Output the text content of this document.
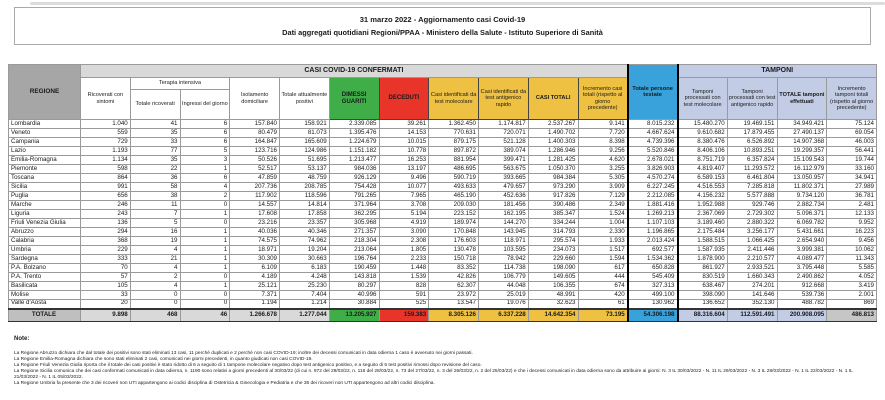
31 marzo 2022 - Aggiornamento casi Covid-19
Dati aggregati quotidiani Regioni/PPAA - Ministero della Salute - Istituto Superiore di Sanità
REGIONE	CASI COVID-19 CONFERMATI											Totale persone testate	TAMPONI			
	Ricoverati con sintomi	Terapia intensiva		Isolamento domiciliare	Totale attualmente positivi	DIMESSI GUARITI	DECEDUTI	Casi identificati da test molecolare	Casi identificati da test antigenico rapido	CASI TOTALI	Incremento casi totali (rispetto al giorno precedente)		Tamponi processati con test molecolare	Tamponi processati con test antigenico rapido	TOTALE tamponi effettuati	Incremento tamponi totali (rispetto al giorno precedente)
		Totale ricoverati	Ingressi del giorno													
Lombardia	1.040	41	6	157.840	158.921	2.339.085	39.261	1.362.450	1.174.817	2.537.267	9.141	8.015.232	15.480.270	19.469.151	34.949.421	75.124
Veneto	559	35	6	80.479	81.073	1.395.476	14.153	770.631	720.071	1.490.702	7.720	4.667.624	9.610.682	17.879.455	27.490.137	69.054
Campania	729	33	6	164.847	165.609	1.224.679	10.015	879.175	521.128	1.400.303	8.398	4.739.396	8.380.476	6.526.892	14.907.368	46.003
Lazio	1.193	77	5	123.716	124.986	1.151.182	10.778	897.872	389.074	1.286.946	9.256	5.520.846	8.406.106	10.893.251	19.299.357	56.441
Emilia-Romagna	1.134	35	3	50.526	51.695	1.213.477	16.253	881.954	399.471	1.281.425	4.620	2.678.021	8.751.719	6.357.824	15.109.543	19.744
Piemonte	598	22	1	52.517	53.137	984.036	13.197	486.695	563.675	1.050.370	3.255	3.826.903	4.819.407	11.293.572	16.112.979	33.160
Toscana	864	36	6	47.859	48.759	926.129	9.496	590.719	393.665	984.384	5.305	4.570.274	6.589.153	6.461.804	13.050.957	34.941
Sicilia	991	58	4	207.736	208.785	754.428	10.077	493.633	479.657	973.290	3.909	6.227.245	4.516.553	7.285.818	11.802.371	27.989
Puglia	656	38	2	117.902	118.596	791.265	7.965	465.190	452.636	917.826	7.129	2.212.085	4.156.232	5.577.888	9.734.120	36.781
Marche	246	11	0	14.557	14.814	371.964	3.708	209.030	181.456	390.486	2.349	1.881.416	1.952.988	929.746	2.882.734	2.481
Liguria	243	7	1	17.608	17.858	362.295	5.194	223.152	162.195	385.347	1.524	1.269.213	2.367.069	2.729.302	5.096.371	12.133
Friuli Venezia Giulia	136	5	0	23.216	23.357	305.968	4.919	189.974	144.270	334.244	1.004	1.107.103	3.189.460	2.880.322	6.069.782	9.952
Abruzzo	294	16	1	40.036	40.346	271.357	3.090	170.848	143.945	314.793	2.330	1.196.865	2.175.484	3.256.177	5.431.661	16.223
Calabria	368	19	1	74.575	74.962	218.304	2.308	176.603	118.971	295.574	1.933	2.013.424	1.588.515	1.066.425	2.654.940	9.456
Umbria	229	4	1	18.971	19.204	213.064	1.805	130.478	103.595	234.073	1.517	692.577	1.587.935	2.411.446	3.999.381	10.062
Sardegna	333	21	1	30.309	30.663	196.764	2.233	150.718	78.942	229.660	1.594	1.534.362	1.878.900	2.210.577	4.089.477	11.343
P.A. Bolzano	70	4	1	6.109	6.183	190.459	1.448	83.352	114.738	198.090	617	650.828	861.927	2.933.521	3.795.448	5.585
P.A. Trento	57	2	0	4.189	4.248	143.818	1.539	42.826	106.779	149.605	444	545.409	830.519	1.660.343	2.490.862	4.052
Basilicata	105	4	1	25.121	25.230	80.297	828	62.307	44.048	106.355	674	327.313	638.467	274.201	912.668	3.419
Molise	33	0	0	7.371	7.404	40.996	591	23.972	25.019	48.991	420	499.100	398.090	141.646	539.736	2.001
Valle d'Aosta	20	0	0	1.194	1.214	30.884	525	13.547	19.076	32.623	61	130.962	136.652	352.130	488.782	869
TOTALE	9.898	468	46	1.266.678	1.277.044	13.205.927	159.383	8.305.126	6.337.228	14.642.354	73.195	54.306.198	88.316.604	112.591.491	200.908.095	486.813
Note:
La Regione Abruzzo dichiara che dal totale dei positivi sono stati eliminati 13 casi, 11 perché duplicati e 2 perché non casi COVID-19; inoltre dei decessi comunicati in data odierna 1 caso è avvenuto nei giorni passati.
La Regione Emilia-Romagna dichiara che sono stati eliminati 2 casi, comunicati nei giorni precedenti, in quanto giudicati non casi COVID-19.
La Regione Friuli Venezia Giulia riporta che il totale dei casi positivi è stato ridotto di 6 a seguito di 1 tampone molecolare negativo dopo test antigenico positivo, e a seguito di 5 test positivi rimossi dopo revisione del caso.
La Regione Sicilia comunica che dei casi confermati comunicati in data odierna, n. 1190 sono relativi a giorni precedenti al 30/03/22 (di cui n. 972 del 29/03/22, n. 116 del 28/03/22, n. 73 del 27/03/22, n. 3 del 26/03/22, n. 2 del 25/03/22) e che i decessi comunicati in data odierna sono da attribuire ai giorni: N. 3 IL 30/03/2022 - N. 11 IL 29/03/2022 - N. 3 IL 28/03/2022 - N. 1 IL 22/03/2022 - N. 1 IL 21/03/2022 - N. 1 IL 05/03/2022.
La Regione Umbria fa presente che 3 dei ricoveri non UTI appartengono ai codici disciplina di Ostetricia & Ginecologia e Pediatria e che 35 dei ricoveri non UTI appartengono ad altri codici disciplina.
